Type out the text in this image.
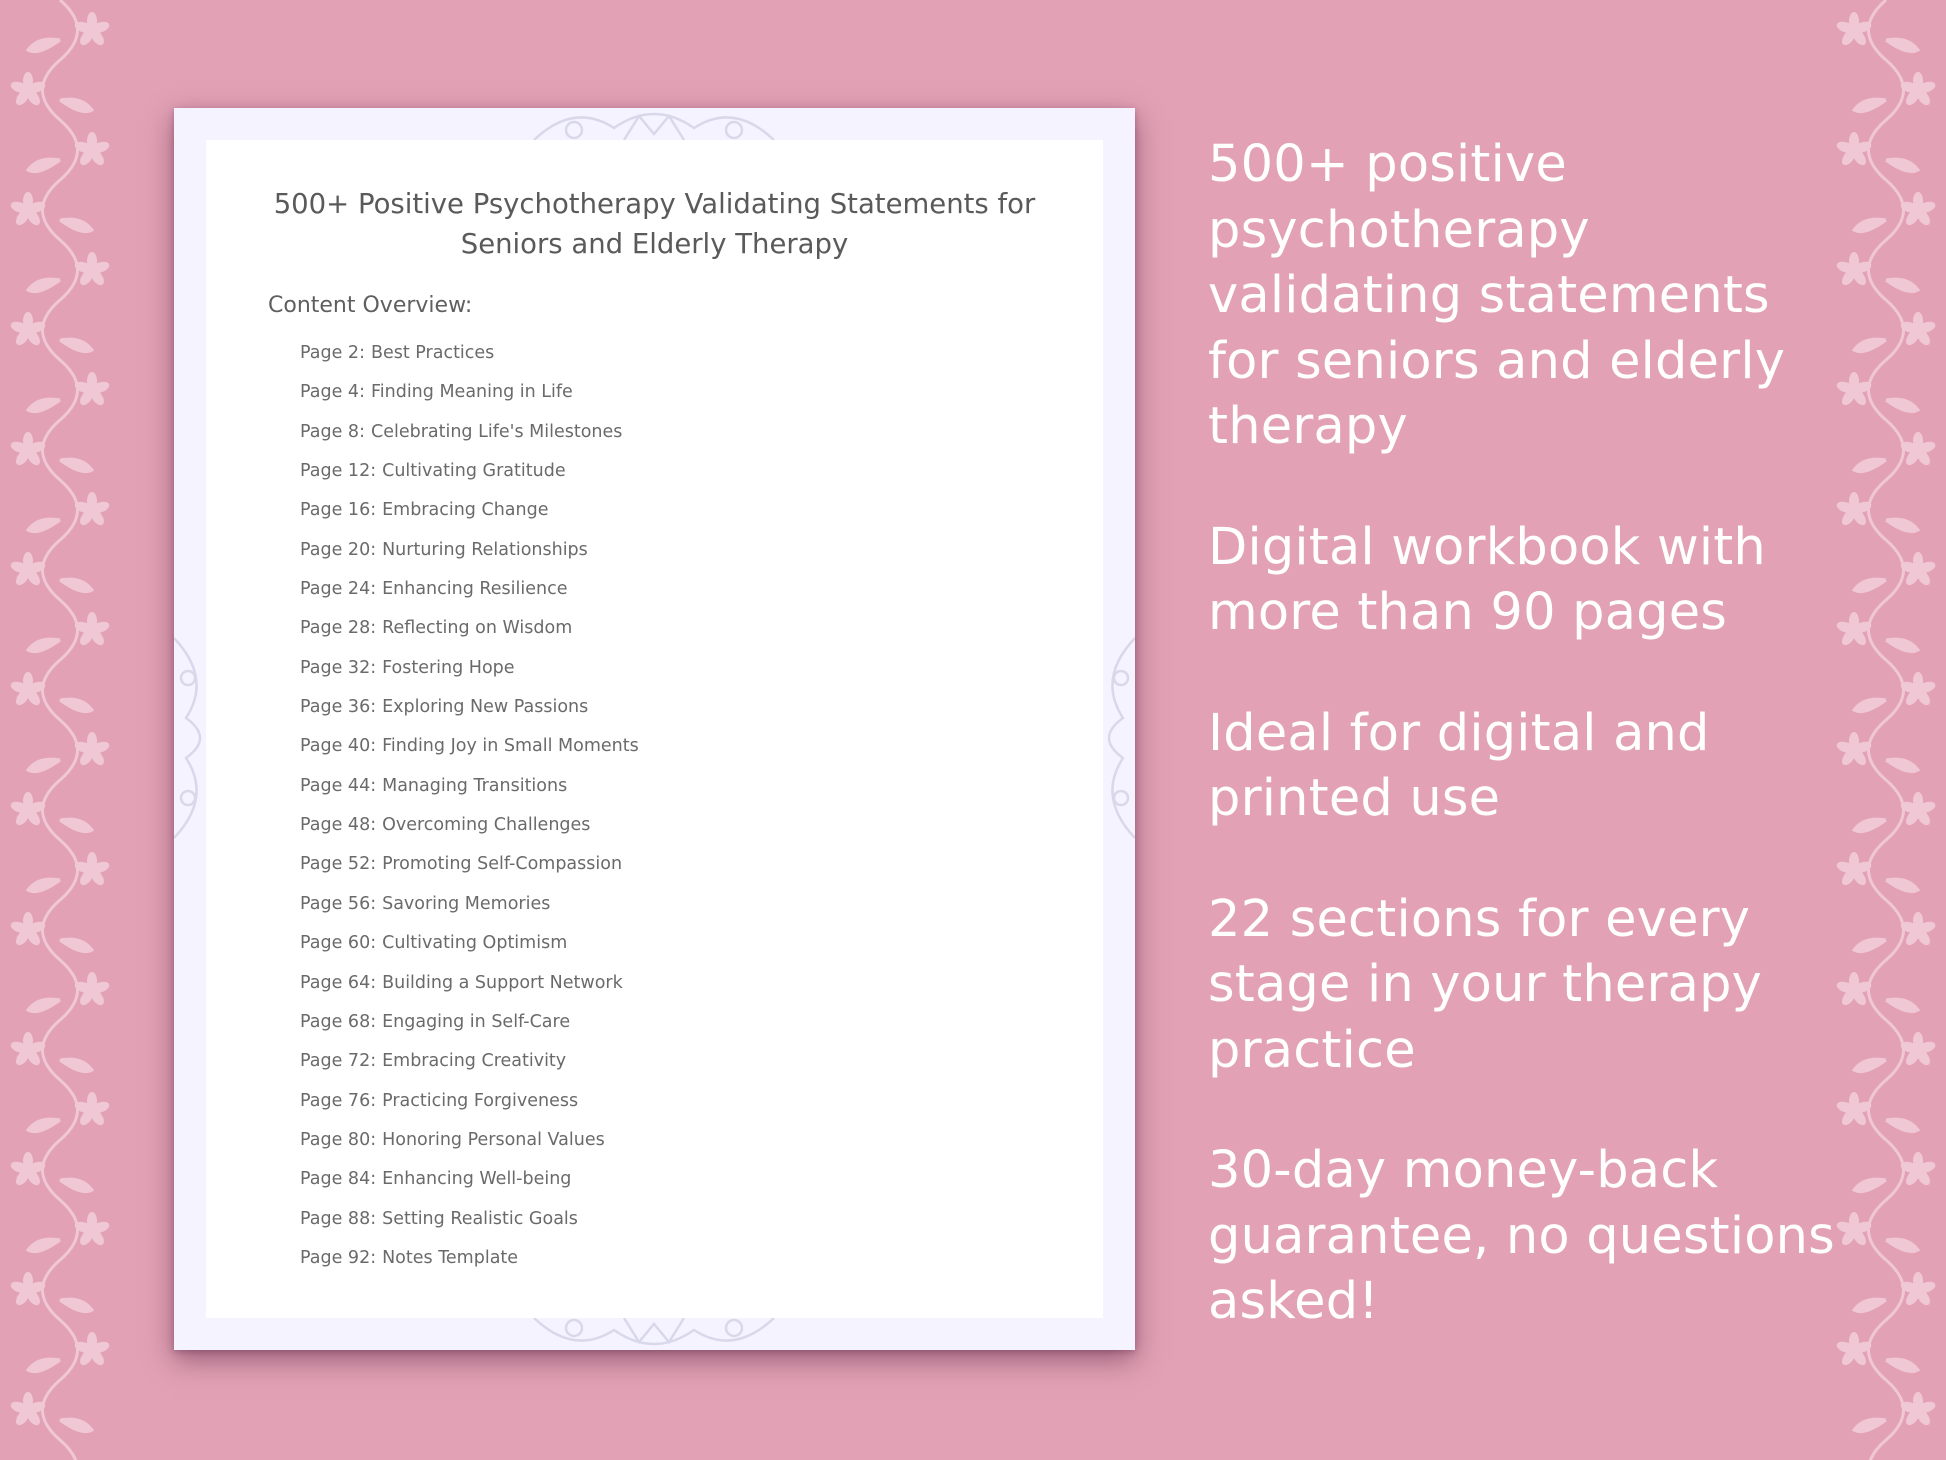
500+ Positive Psychotherapy Validating Statements for
Seniors and Elderly Therapy
Content Overview:
Page 2: Best Practices
Page 4: Finding Meaning in Life
Page 8: Celebrating Life's Milestones
Page 12: Cultivating Gratitude
Page 16: Embracing Change
Page 20: Nurturing Relationships
Page 24: Enhancing Resilience
Page 28: Reflecting on Wisdom
Page 32: Fostering Hope
Page 36: Exploring New Passions
Page 40: Finding Joy in Small Moments
Page 44: Managing Transitions
Page 48: Overcoming Challenges
Page 52: Promoting Self-Compassion
Page 56: Savoring Memories
Page 60: Cultivating Optimism
Page 64: Building a Support Network
Page 68: Engaging in Self-Care
Page 72: Embracing Creativity
Page 76: Practicing Forgiveness
Page 80: Honoring Personal Values
Page 84: Enhancing Well-being
Page 88: Setting Realistic Goals
Page 92: Notes Template

500+ positive psychotherapy validating statements for seniors and elderly therapy

Digital workbook with more than 90 pages

Ideal for digital and printed use

22 sections for every stage in your therapy practice

30-day money-back guarantee, no questions asked!
